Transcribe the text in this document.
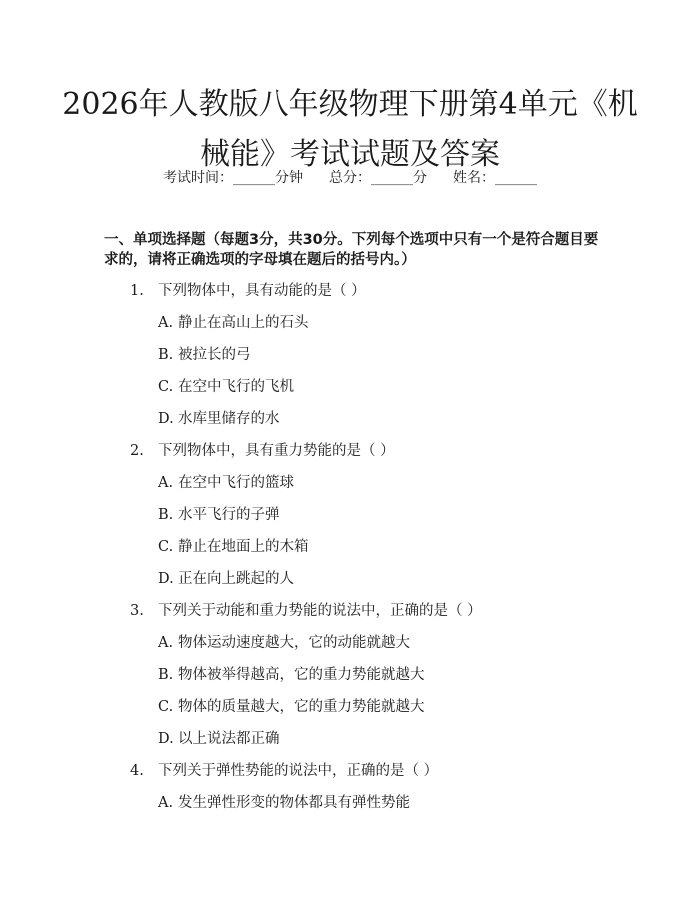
2026年人教版八年级物理下册第4单元《机械能》考试试题及答案
考试时间：______分钟 总分：______分 姓名：______
一、单项选择题（每题3分，共30分。下列每个选项中只有一个是符合题目要求的，请将正确选项的字母填在题后的括号内。）
1. 下列物体中，具有动能的是（ ）
A. 静止在高山上的石头
B. 被拉长的弓
C. 在空中飞行的飞机
D. 水库里储存的水
2. 下列物体中，具有重力势能的是（ ）
A. 在空中飞行的篮球
B. 水平飞行的子弹
C. 静止在地面上的木箱
D. 正在向上跳起的人
3. 下列关于动能和重力势能的说法中，正确的是（ ）
A. 物体运动速度越大，它的动能就越大
B. 物体被举得越高，它的重力势能就越大
C. 物体的质量越大，它的重力势能就越大
D. 以上说法都正确
4. 下列关于弹性势能的说法中，正确的是（ ）
A. 发生弹性形变的物体都具有弹性势能
